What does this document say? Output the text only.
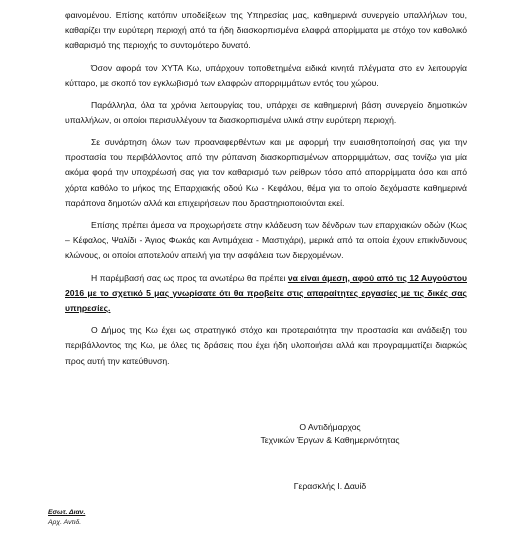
φαινομένου. Επίσης κατόπιν υποδείξεων της Υπηρεσίας μας, καθημερινά συνεργείο υπαλλήλων του, καθαρίζει την ευρύτερη περιοχή από τα ήδη διασκορπισμένα ελαφρά απορίμματα με στόχο τον καθολικό καθαρισμό της περιοχής το συντομότερο δυνατό.

Όσον αφορά τον ΧΥΤΑ Κω, υπάρχουν τοποθετημένα ειδικά κινητά πλέγματα στο εν λειτουργία κύτταρο, με σκοπό τον εγκλωβισμό των ελαφρών απορριμμάτων εντός του χώρου.

Παράλληλα, όλα τα χρόνια λειτουργίας του, υπάρχει σε καθημερινή βάση συνεργείο δημοτικών υπαλλήλων, οι οποίοι περισυλλέγουν τα διασκορπισμένα υλικά στην ευρύτερη περιοχή.

Σε συνάρτηση όλων των προαναφερθέντων και με αφορμή την ευαισθητοποίησή σας για την προστασία του περιβάλλοντος από την ρύπανση διασκορπισμένων απορριμμάτων, σας τονίζω για μία ακόμα φορά την υποχρέωσή σας για τον καθαρισμό των ρείθρων τόσο από απορρίμματα όσο και από χόρτα καθόλο το μήκος της Επαρχιακής οδού Κω - Κεφάλου, θέμα για το οποίο δεχόμαστε καθημερινά παράπονα δημοτών αλλά και επιχειρήσεων που δραστηριοποιούνται εκεί.

Επίσης πρέπει άμεσα να προχωρήσετε στην κλάδευση των δένδρων των επαρχιακών οδών (Κως – Κέφαλος, Ψαλίδι - Άγιος Φωκάς και Αντιμάχεια - Μαστιχάρι), μερικά από τα οποία έχουν επικίνδυνους κλώνους, οι οποίοι αποτελούν απειλή για την ασφάλεια των διερχομένων.

Η παρέμβασή σας ως προς τα ανωτέρω θα πρέπει να είναι άμεση, αφού από τις 12 Αυγούστου 2016 με το σχετικό 5 μας γνωρίσατε ότι θα προβείτε στις απαραίτητες εργασίες με τις δικές σας υπηρεσίες.

Ο Δήμος της Κω έχει ως στρατηγικό στόχο και προτεραιότητα την προστασία και ανάδειξη του περιβάλλοντος της Κω, με όλες τις δράσεις που έχει ήδη υλοποιήσει αλλά και προγραμματίζει διαρκώς προς αυτή την κατεύθυνση.

Ο Αντιδήμαρχος
Τεχνικών Έργων & Καθημερινότητας
Γερασκλής Ι. Δαυίδ
Εσωτ. Διαν.
Αρχ. Αντιδ.
